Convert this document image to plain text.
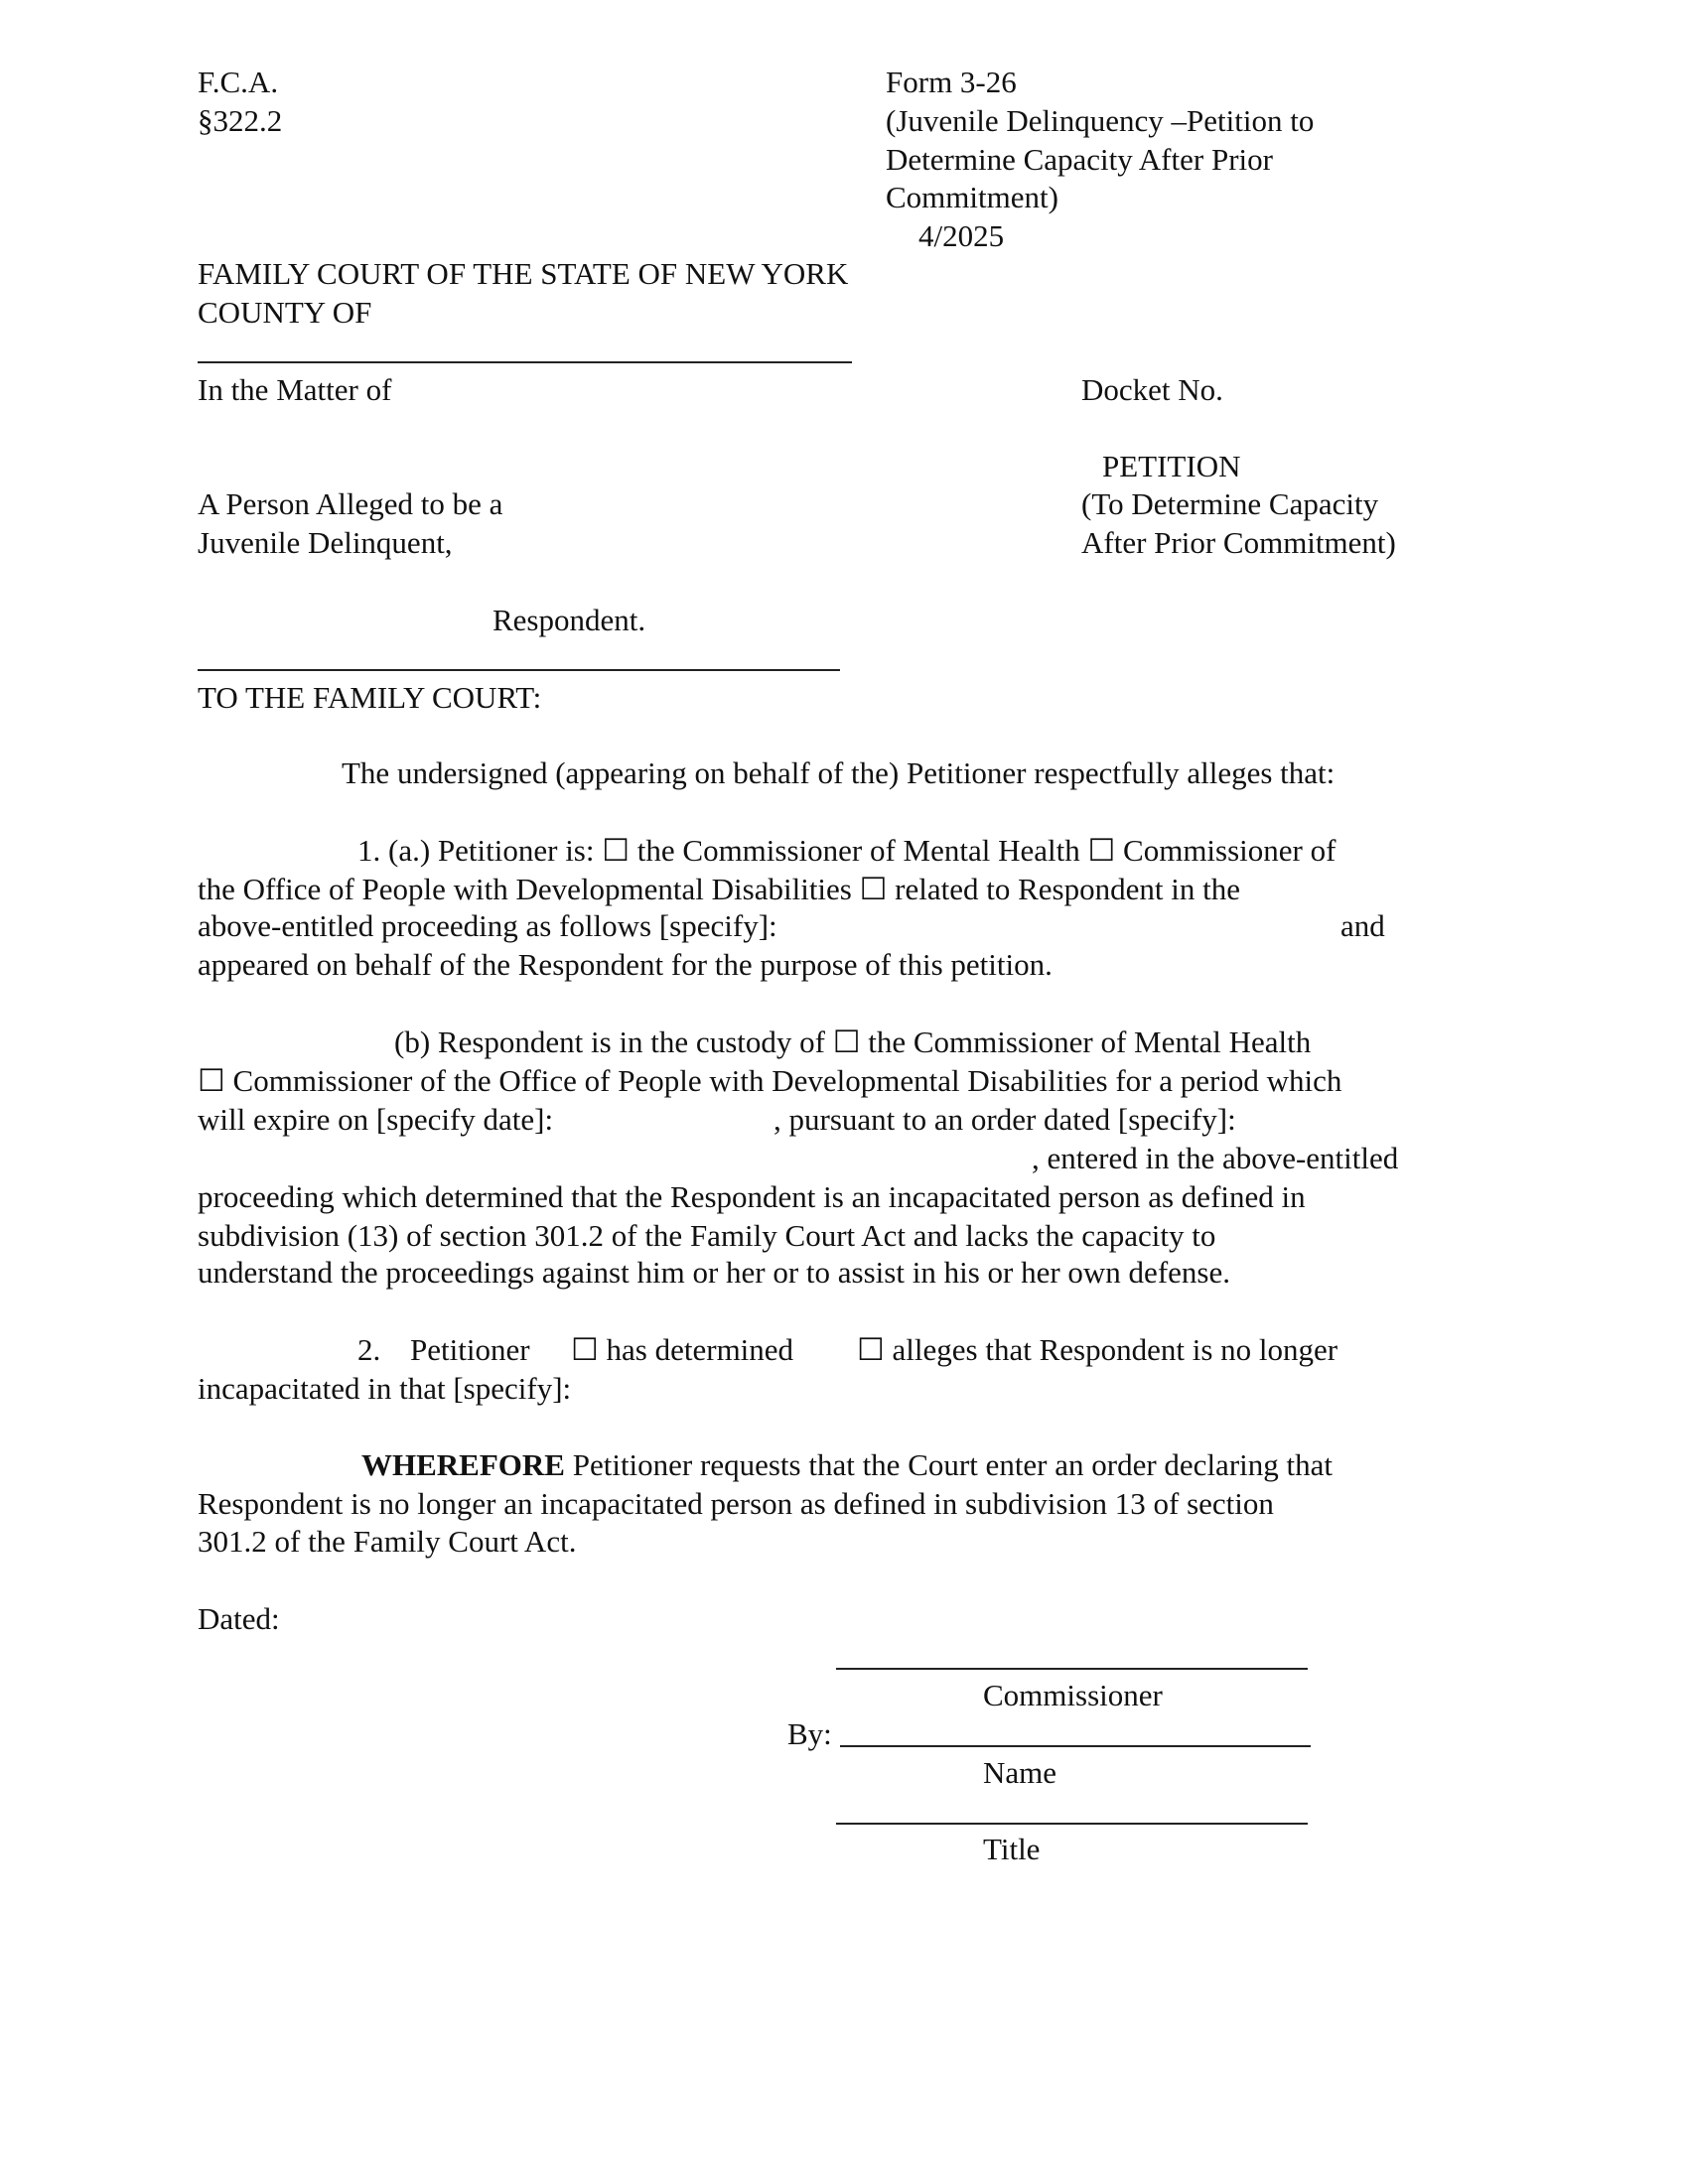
F.C.A.
§322.2
Form 3-26
(Juvenile Delinquency –Petition to
Determine Capacity After Prior
Commitment)
4/2025
FAMILY COURT OF THE STATE OF NEW YORK
COUNTY OF
In the Matter of	Docket No.
PETITION
(To Determine Capacity
After Prior Commitment)
A Person Alleged to be a
Juvenile Delinquent,
Respondent.
TO THE FAMILY COURT:
The undersigned (appearing on behalf of the) Petitioner respectfully alleges that:
1. (a.) Petitioner is: ☐ the Commissioner of Mental Health ☐ Commissioner of
the Office of People with Developmental Disabilities ☐ related to Respondent in the
above-entitled proceeding as follows [specify]:	and
appeared on behalf of the Respondent for the purpose of this petition.
(b) Respondent is in the custody of ☐ the Commissioner of Mental Health
☐ Commissioner of the Office of People with Developmental Disabilities for a period which
will expire on [specify date]:	, pursuant to an order dated [specify]:
, entered in the above-entitled
proceeding which determined that the Respondent is an incapacitated person as defined in
subdivision (13) of section 301.2 of the Family Court Act and lacks the capacity to
understand the proceedings against him or her or to assist in his or her own defense.
2. Petitioner ☐ has determined ☐ alleges that Respondent is no longer
incapacitated in that [specify]:
WHEREFORE Petitioner requests that the Court enter an order declaring that
Respondent is no longer an incapacitated person as defined in subdivision 13 of section
301.2 of the Family Court Act.
Dated:
Commissioner
By:
Name
Title
